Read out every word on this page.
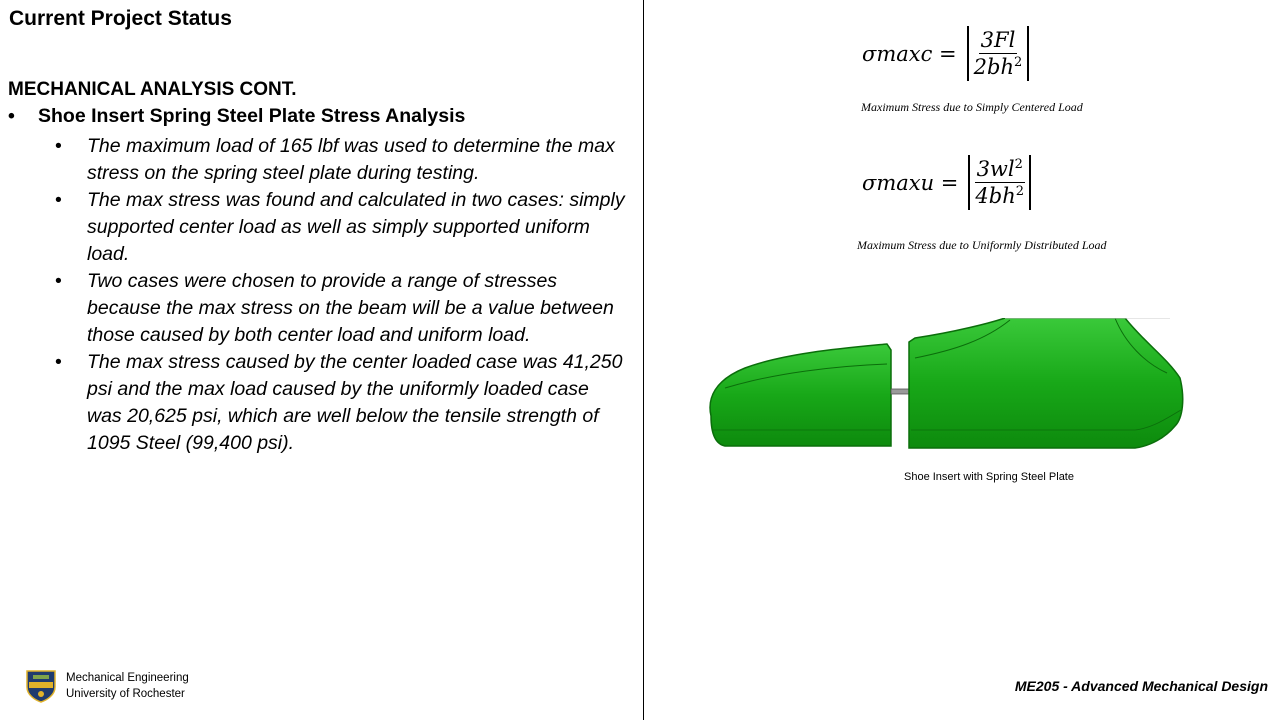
Current Project Status
MECHANICAL ANALYSIS CONT.
•	Shoe Insert Spring Steel Plate Stress Analysis
•	The maximum load of 165 lbf was used to determine the max stress on the spring steel plate during testing.
•	The max stress was found and calculated in two cases: simply supported center load as well as simply supported uniform load.
•	Two cases were chosen to provide a range of stresses because the max stress on the beam will be a value between those caused by both center load and uniform load.
•	The max stress caused by the center loaded case was 41,250 psi and the max load caused by the uniformly loaded case was 20,625 psi, which are well below the tensile strength of 1095 Steel (99,400 psi).
$\sigma\max c = \frac{3Fl}{2bh^2}$
Maximum Stress due to Simply Centered Load
$\sigma\max u = \frac{3wl^2}{4bh^2}$
Maximum Stress due to Uniformly Distributed Load
Shoe Insert with Spring Steel Plate
Mechanical Engineering
University of Rochester	ME205 - Advanced Mechanical Design
